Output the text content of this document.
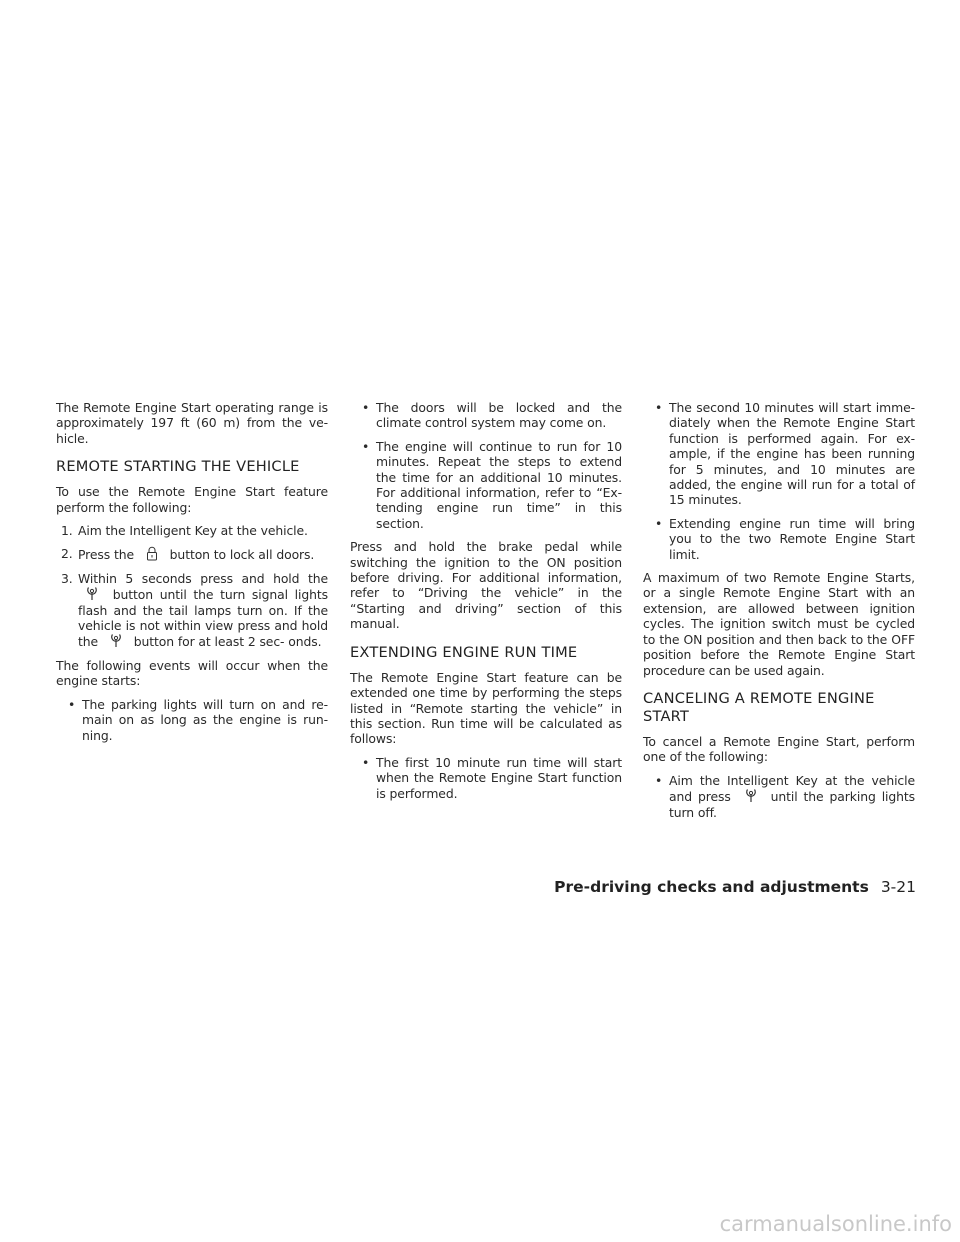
The Remote Engine Start operating range is approximately 197 ft (60 m) from the ve- hicle.

REMOTE STARTING THE VEHICLE

To use the Remote Engine Start feature perform the following:

1. Aim the Intelligent Key at the vehicle.
2. Press the	button to lock all doors.
3. Within 5 seconds press and hold the  button until the turn signal lights flash and the tail lamps turn on. If the vehicle is not within view press and hold the	button for at least 2 sec- onds.

The following events will occur when the engine starts:

• The parking lights will turn on and re- main on as long as the engine is run- ning.
• The doors will be locked and the climate control system may come on.
• The engine will continue to run for 10 minutes. Repeat the steps to extend the time for an additional 10 minutes. For additional information, refer to “Ex- tending engine run time” in this section.

Press and hold the brake pedal while switching the ignition to the ON position before driving. For additional information, refer to “Driving the vehicle” in the “Starting and driving” section of this manual.

EXTENDING ENGINE RUN TIME

The Remote Engine Start feature can be extended one time by performing the steps listed in “Remote starting the vehicle” in this section. Run time will be calculated as follows:

• The first 10 minute run time will start when the Remote Engine Start function is performed.
• The second 10 minutes will start imme- diately when the Remote Engine Start function is performed again. For ex- ample, if the engine has been running for 5 minutes, and 10 minutes are added, the engine will run for a total of 15 minutes.
• Extending engine run time will bring you to the two Remote Engine Start limit.

A maximum of two Remote Engine Starts, or a single Remote Engine Start with an extension, are allowed between ignition cycles. The ignition switch must be cycled to the ON position and then back to the OFF position before the Remote Engine Start procedure can be used again.

CANCELING A REMOTE ENGINE START

To cancel a Remote Engine Start, perform one of the following:

• Aim the Intelligent Key at the vehicle and press	until the parking lights turn off.
Pre-driving checks and adjustments 3-21
carmanualsonline.info
